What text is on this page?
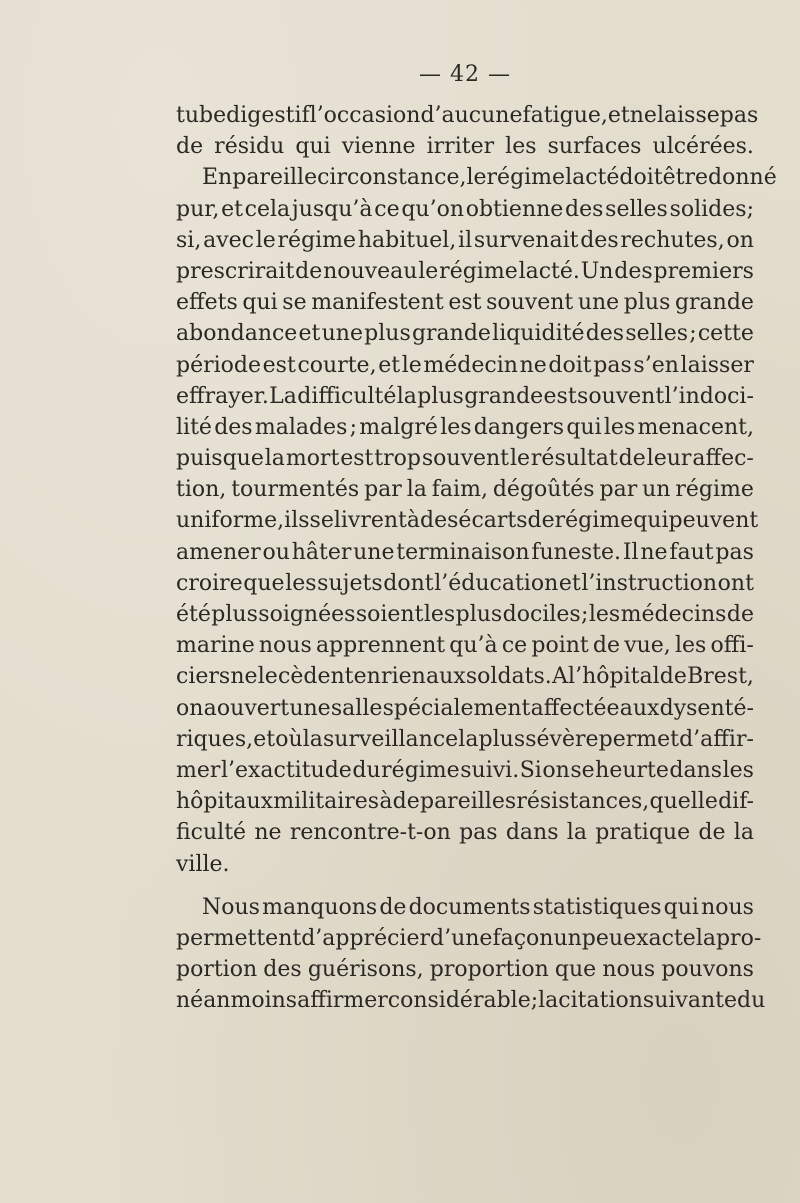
— 42 —
tube digestif l’occasion d’aucune fatigue, et ne laisse pas
de résidu qui vienne irriter les surfaces ulcérées.
En pareille circonstance, le régime lacté doit être donné
pur, et cela jusqu’à ce qu’on obtienne des selles solides;
si, avec le régime habituel, il survenait des rechutes, on
prescrirait de nouveau le régime lacté. Un des premiers
effets qui se manifestent est souvent une plus grande
abondance et une plus grande liquidité des selles ; cette
période est courte, et le médecin ne doit pas s’en laisser
effrayer. La difficulté la plus grande est souvent l’indoci-
lité des malades ; malgré les dangers qui les menacent,
puisque la mort est trop souvent le résultat de leur affec-
tion, tourmentés par la faim, dégoûtés par un régime
uniforme, ils se livrent à des écarts de régime qui peuvent
amener ou hâter une terminaison funeste. Il ne faut pas
croire que les sujets dont l’éducation et l’instruction ont
été plus soignées soient les plus dociles ; les médecins de
marine nous apprennent qu’à ce point de vue, les offi-
ciers ne le cèdent en rien aux soldats. A l’hôpital de Brest,
on a ouvert une salle spécialement affectée aux dysenté-
riques, et où la surveillance la plus sévère permet d’affir-
mer l’exactitude du régime suivi. Si on se heurte dans les
hôpitaux militaires à de pareilles résistances, quelle dif-
ficulté ne rencontre-t-on pas dans la pratique de la
ville.
Nous manquons de documents statistiques qui nous
permettent d’apprécier d’une façon un peu exacte la pro-
portion des guérisons, proportion que nous pouvons
néanmoins affirmer considérable ; la citation suivante du
